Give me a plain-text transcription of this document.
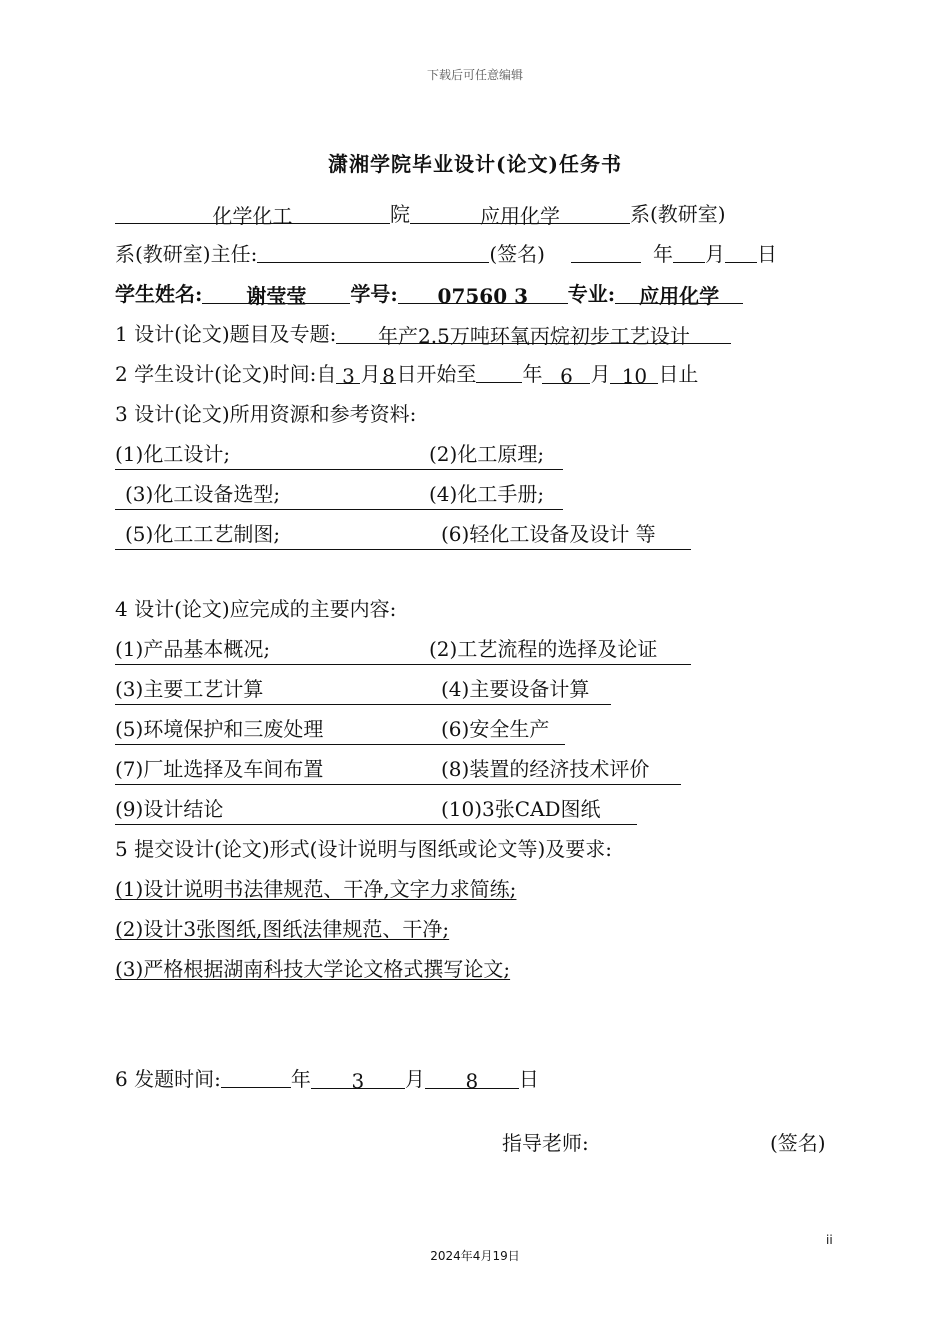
下载后可任意编辑
潇湘学院毕业设计(论文)任务书
化学化工	院	应用化学	系(教研室)
系(教研室)主任:	(签名)	年 月 日
学生姓名: 谢莹莹 学号: 07560 3 专业: 应用化学
1 设计(论文)题目及专题: 年产2.5万吨环氧丙烷初步工艺设计
2 学生设计(论文)时间:自 3 月8日开始至 年 6 月 10 日止
3 设计(论文)所用资源和参考资料:
(1)化工设计;	(2)化工原理;
(3)化工设备选型;	(4)化工手册;
(5)化工工艺制图;	(6)轻化工设备及设计 等
4 设计(论文)应完成的主要内容:
(1)产品基本概况;	(2)工艺流程的选择及论证
(3)主要工艺计算	(4)主要设备计算
(5)环境保护和三废处理	(6)安全生产
(7)厂址选择及车间布置	(8)装置的经济技术评价
(9)设计结论	(10)3张CAD图纸
5 提交设计(论文)形式(设计说明与图纸或论文等)及要求:
(1)设计说明书法律规范、干净,文字力求简练;
(2)设计3张图纸,图纸法律规范、干净;
(3)严格根据湖南科技大学论文格式撰写论文;
6 发题时间:	年 3 月 8 日
指导老师:	(签名)
ii
2024年4月19日
